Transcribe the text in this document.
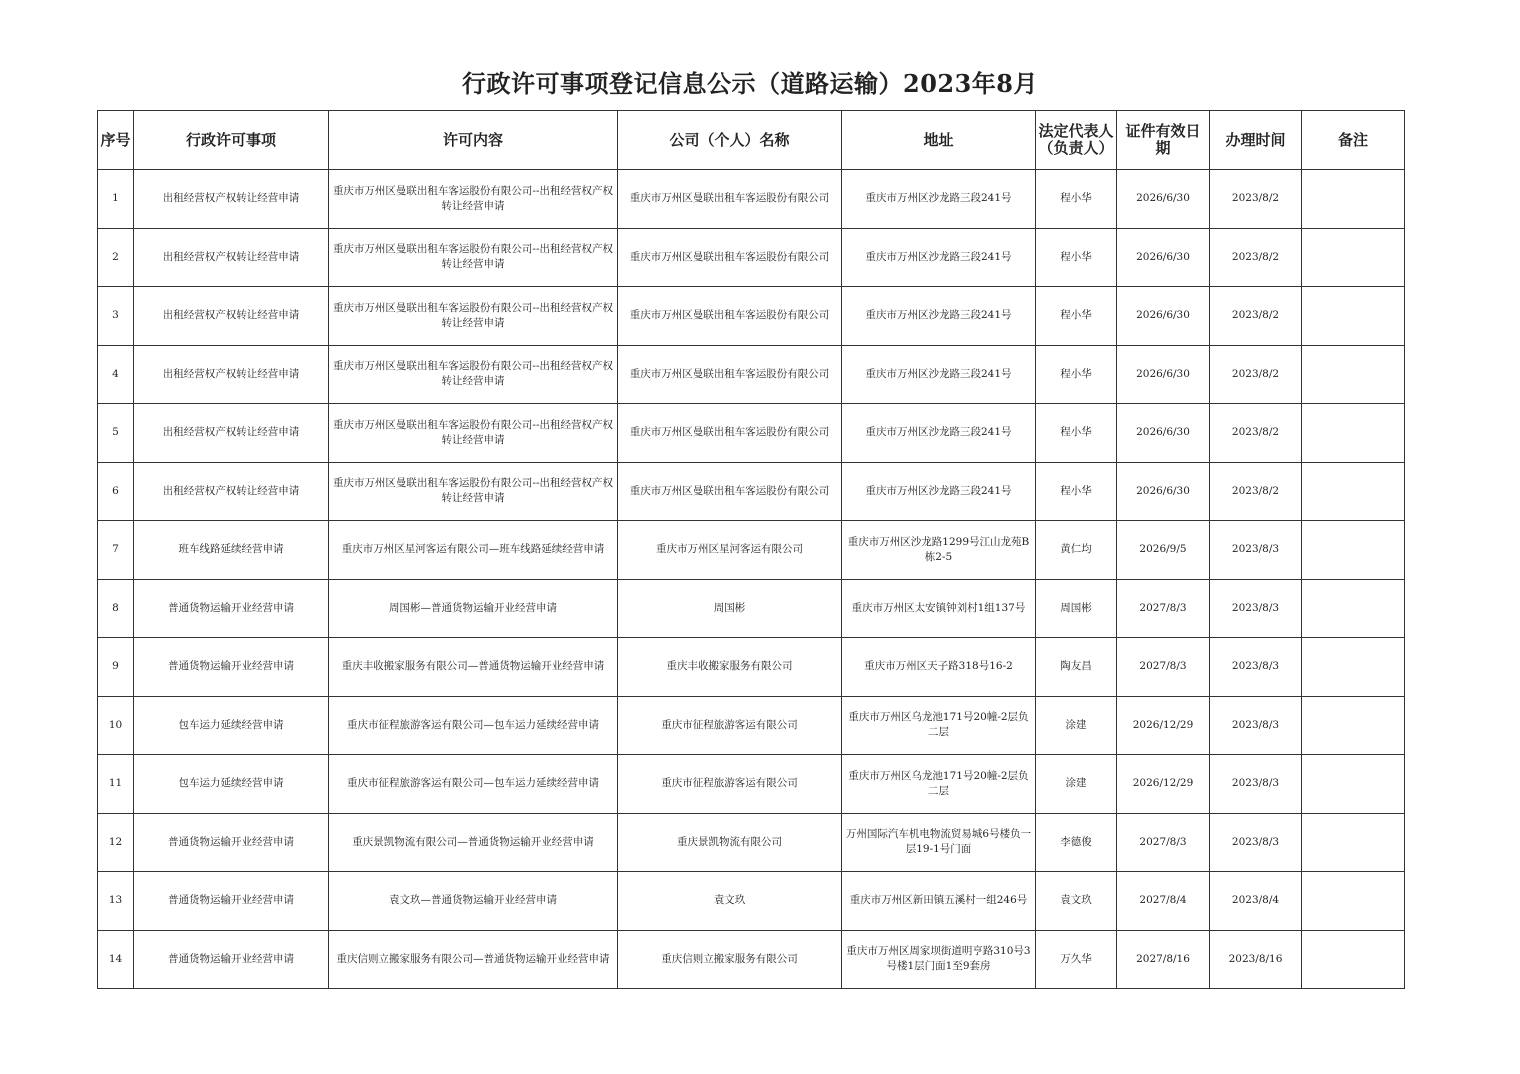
行政许可事项登记信息公示（道路运输）2023年8月
序号	行政许可事项	许可内容	公司（个人）名称	地址	法定代表人（负责人）	证件有效日期	办理时间	备注
1	出租经营权产权转让经营申请	重庆市万州区曼联出租车客运股份有限公司--出租经营权产权转让经营申请	重庆市万州区曼联出租车客运股份有限公司	重庆市万州区沙龙路三段241号	程小华	2026/6/30	2023/8/2	
2	出租经营权产权转让经营申请	重庆市万州区曼联出租车客运股份有限公司--出租经营权产权转让经营申请	重庆市万州区曼联出租车客运股份有限公司	重庆市万州区沙龙路三段241号	程小华	2026/6/30	2023/8/2	
3	出租经营权产权转让经营申请	重庆市万州区曼联出租车客运股份有限公司--出租经营权产权转让经营申请	重庆市万州区曼联出租车客运股份有限公司	重庆市万州区沙龙路三段241号	程小华	2026/6/30	2023/8/2	
4	出租经营权产权转让经营申请	重庆市万州区曼联出租车客运股份有限公司--出租经营权产权转让经营申请	重庆市万州区曼联出租车客运股份有限公司	重庆市万州区沙龙路三段241号	程小华	2026/6/30	2023/8/2	
5	出租经营权产权转让经营申请	重庆市万州区曼联出租车客运股份有限公司--出租经营权产权转让经营申请	重庆市万州区曼联出租车客运股份有限公司	重庆市万州区沙龙路三段241号	程小华	2026/6/30	2023/8/2	
6	出租经营权产权转让经营申请	重庆市万州区曼联出租车客运股份有限公司--出租经营权产权转让经营申请	重庆市万州区曼联出租车客运股份有限公司	重庆市万州区沙龙路三段241号	程小华	2026/6/30	2023/8/2	
7	班车线路延续经营申请	重庆市万州区星河客运有限公司—班车线路延续经营申请	重庆市万州区星河客运有限公司	重庆市万州区沙龙路1299号江山龙苑B栋2-5	黄仁均	2026/9/5	2023/8/3	
8	普通货物运输开业经营申请	周国彬—普通货物运输开业经营申请	周国彬	重庆市万州区太安镇钟刘村1组137号	周国彬	2027/8/3	2023/8/3	
9	普通货物运输开业经营申请	重庆丰收搬家服务有限公司—普通货物运输开业经营申请	重庆丰收搬家服务有限公司	重庆市万州区天子路318号16-2	陶友昌	2027/8/3	2023/8/3	
10	包车运力延续经营申请	重庆市征程旅游客运有限公司—包车运力延续经营申请	重庆市征程旅游客运有限公司	重庆市万州区乌龙池171号20幢-2层负二层	涂建	2026/12/29	2023/8/3	
11	包车运力延续经营申请	重庆市征程旅游客运有限公司—包车运力延续经营申请	重庆市征程旅游客运有限公司	重庆市万州区乌龙池171号20幢-2层负二层	涂建	2026/12/29	2023/8/3	
12	普通货物运输开业经营申请	重庆景凯物流有限公司—普通货物运输开业经营申请	重庆景凯物流有限公司	万州国际汽车机电物流贸易城6号楼负一层19-1号门面	李德俊	2027/8/3	2023/8/3	
13	普通货物运输开业经营申请	袁文玖—普通货物运输开业经营申请	袁文玖	重庆市万州区新田镇五溪村一组246号	袁文玖	2027/8/4	2023/8/4	
14	普通货物运输开业经营申请	重庆信则立搬家服务有限公司—普通货物运输开业经营申请	重庆信则立搬家服务有限公司	重庆市万州区周家坝街道明亨路310号3号楼1层门面1至9套房	万久华	2027/8/16	2023/8/16	
